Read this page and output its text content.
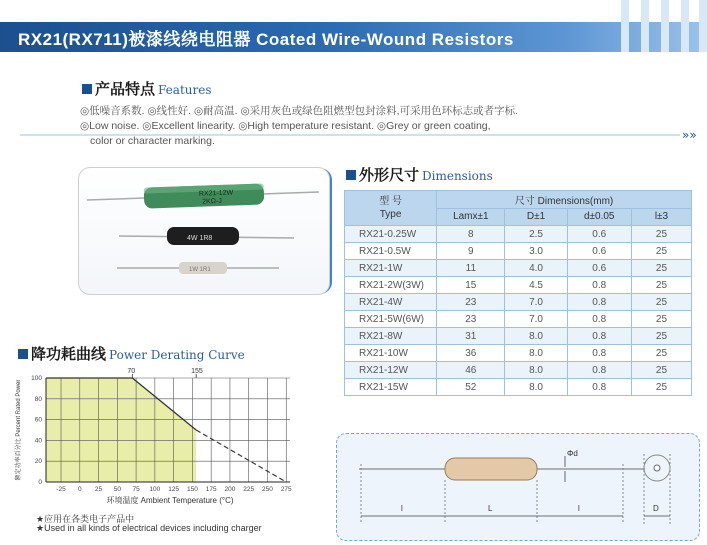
RX21(RX711)被漆线绕电阻器 Coated Wire-Wound Resistors
产品特点 Features
◎低噪音系数. ◎线性好. ◎耐高温. ◎采用灰色或绿色阻燃型包封涂料,可采用色环标志或者字标.
◎Low noise. ◎Excellent linearity. ◎High temperature resistant. ◎Grey or green coating,
color or character marking.	»»
RX21-12W
2KΩ-J
4W 1R8
1W 1R1
外形尺寸 Dimensions
型 号
Type	尺寸 Dimensions(mm)			
	Lamx±1	D±1	d±0.05	l±3
RX21-0.25W	8	2.5	0.6	25
RX21-0.5W	9	3.0	0.6	25
RX21-1W	11	4.0	0.6	25
RX21-2W(3W)	15	4.5	0.8	25
RX21-4W	23	7.0	0.8	25
RX21-5W(6W)	23	7.0	0.8	25
RX21-8W	31	8.0	0.8	25
RX21-10W	36	8.0	0.8	25
RX21-12W	46	8.0	0.8	25
RX21-15W	52	8.0	0.8	25
降功耗曲线 Power Derating Curve
70	155
-25 0 25 50 75 100 125 150 175 200 225 250 275
0
20
40
60
80
100
环境温度 Ambient Temperature (°C)
额定功率百分比 Percent Rated Power
★应用在各类电子产品中
★Used in all kinds of electrical devices including charger
Φd
l	L	l	D
